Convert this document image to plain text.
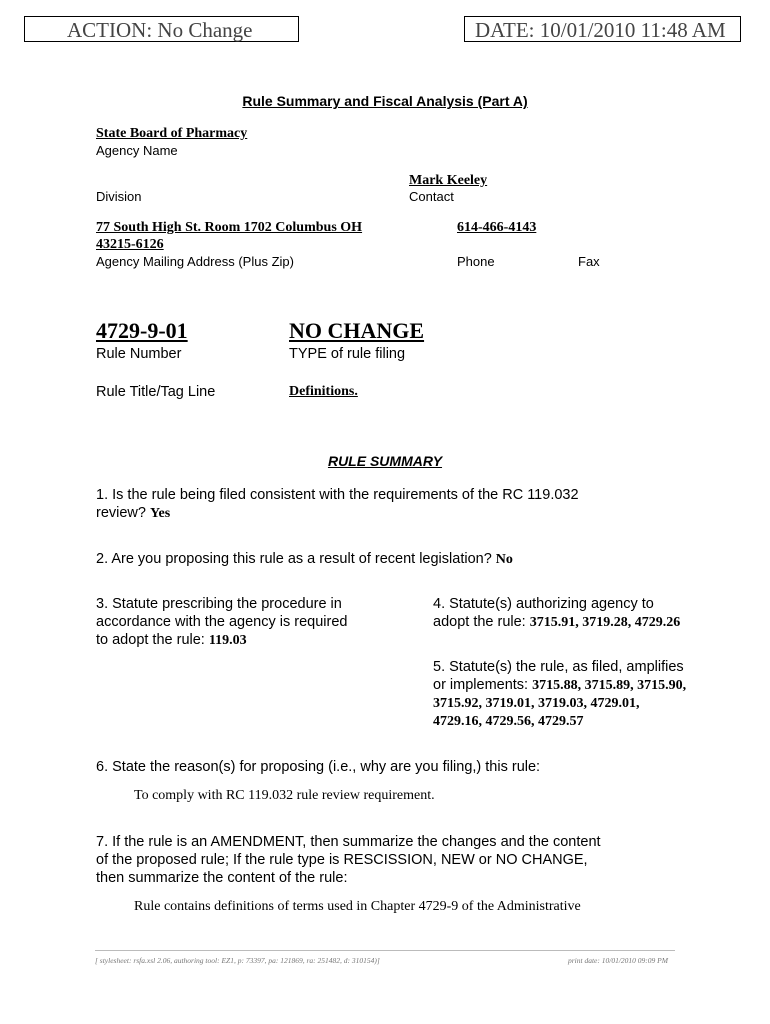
ACTION: No Change	DATE: 10/01/2010 11:48 AM
Rule Summary and Fiscal Analysis (Part A)
State Board of Pharmacy
Agency Name
Mark Keeley
Division	Contact
77 South High St. Room 1702 Columbus OH
43215-6126
614-466-4143
Agency Mailing Address (Plus Zip)	Phone	Fax
4729-9-01	NO CHANGE
Rule Number	TYPE of rule filing
Rule Title/Tag Line	Definitions.
RULE SUMMARY
1. Is the rule being filed consistent with the requirements of the RC 119.032
review? Yes
2. Are you proposing this rule as a result of recent legislation? No
3. Statute prescribing the procedure in
accordance with the agency is required
to adopt the rule: 119.03
4. Statute(s) authorizing agency to
adopt the rule: 3715.91, 3719.28, 4729.26
5. Statute(s) the rule, as filed, amplifies
or implements: 3715.88, 3715.89, 3715.90,
3715.92, 3719.01, 3719.03, 4729.01,
4729.16, 4729.56, 4729.57
6. State the reason(s) for proposing (i.e., why are you filing,) this rule:
To comply with RC 119.032 rule review requirement.
7. If the rule is an AMENDMENT, then summarize the changes and the content
of the proposed rule; If the rule type is RESCISSION, NEW or NO CHANGE,
then summarize the content of the rule:
Rule contains definitions of terms used in Chapter 4729-9 of the Administrative
[ stylesheet: rsfa.xsl 2.06, authoring tool: EZ1, p: 73397, pa: 121869, ra: 251482, d: 310154)]	print date: 10/01/2010 09:09 PM
